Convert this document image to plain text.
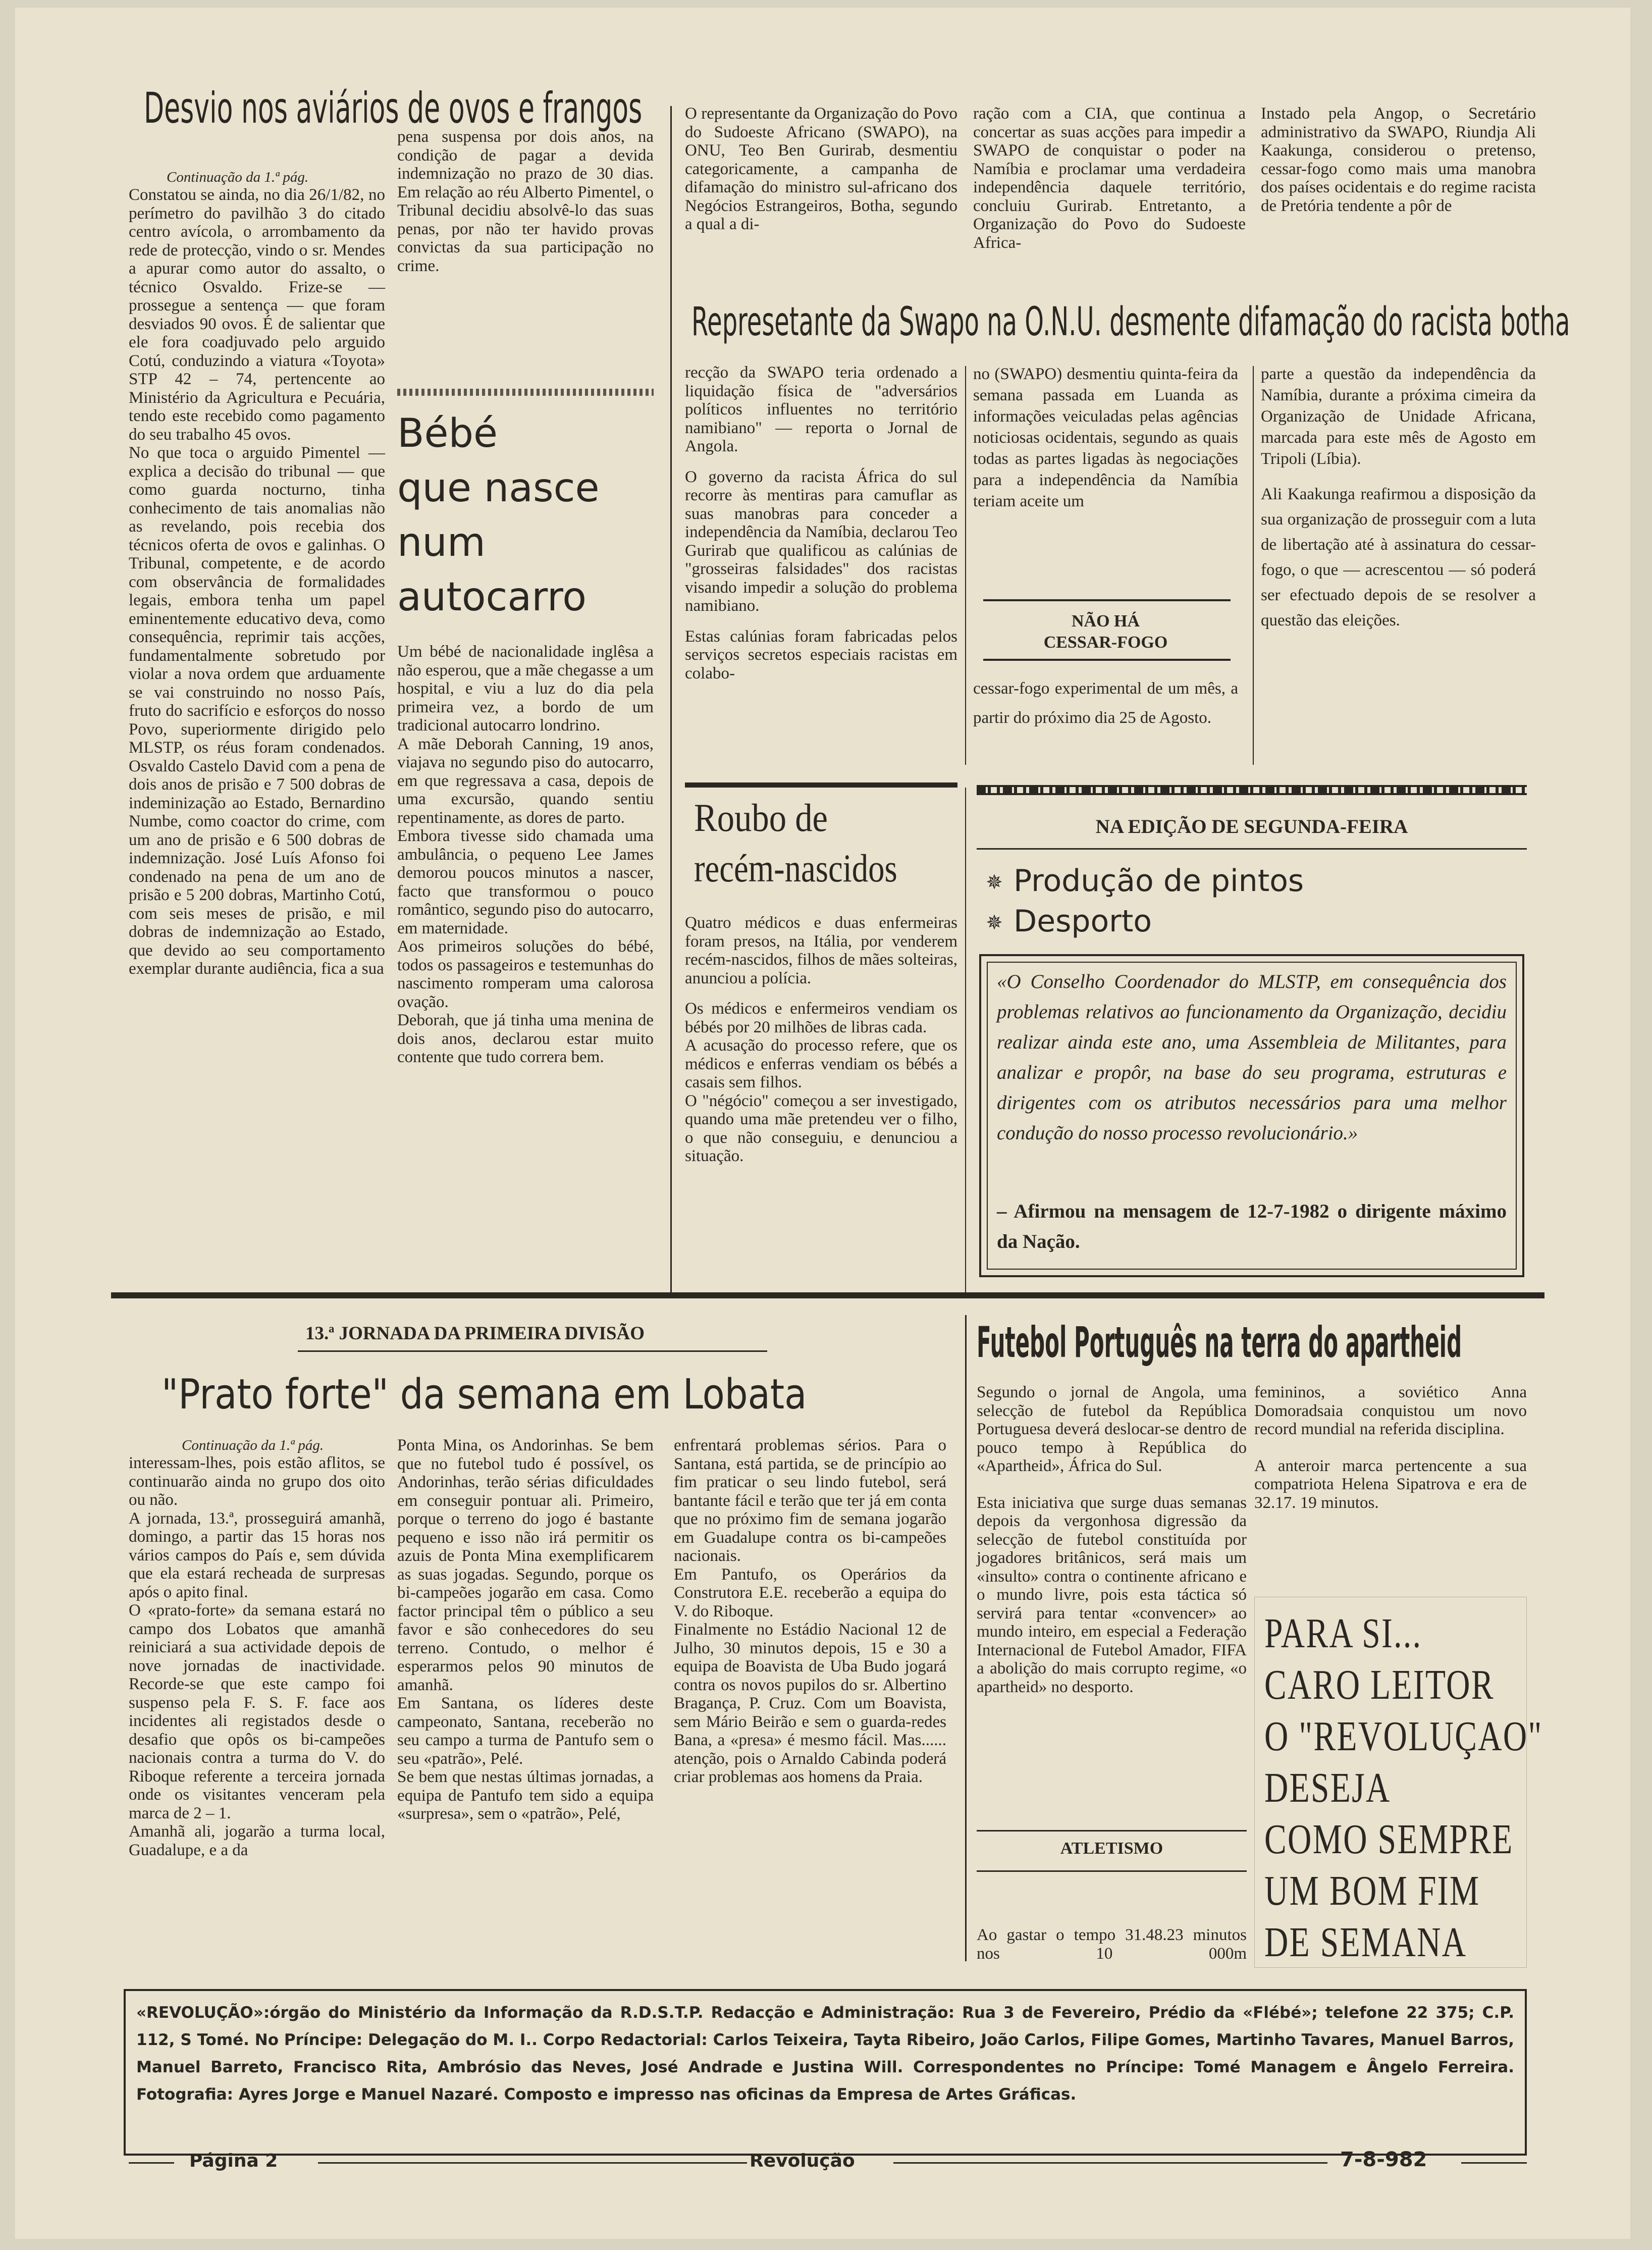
Desvio nos aviários de ovos e frangos
Continuação da 1.ª pág.

Constatou se ainda, no dia 26/1/82, no perímetro do pavilhão 3 do citado centro avícola, o arrombamento da rede de protecção, vindo o sr. Mendes a apurar como autor do assalto, o técnico Osvaldo. Frize-se — prossegue a sentença — que foram desviados 90 ovos. É de salientar que ele fora coadjuvado pelo arguido Cotú, conduzindo a viatura «Toyota» STP 42 – 74, pertencente ao Ministério da Agricultura e Pecuária, tendo este recebido como pagamento do seu trabalho 45 ovos.

No que toca o arguido Pimentel — explica a decisão do tribunal — que como guarda nocturno, tinha conhecimento de tais anomalias não as revelando, pois recebia dos técnicos oferta de ovos e galinhas. O Tribunal, competente, e de acordo com observância de formalidades legais, embora tenha um papel eminentemente educativo deva, como consequência, reprimir tais acções, fundamentalmente sobretudo por violar a nova ordem que arduamente se vai construindo no nosso País, fruto do sacrifício e esforços do nosso Povo, superiormente dirigido pelo MLSTP, os réus foram condenados. Osvaldo Castelo David com a pena de dois anos de prisão e 7 500 dobras de indeminização ao Estado, Bernardino Numbe, como coactor do crime, com um ano de prisão e 6 500 dobras de indemnização. José Luís Afonso foi condenado na pena de um ano de prisão e 5 200 dobras, Martinho Cotú, com seis meses de prisão, e mil dobras de indemnização ao Estado, que devido ao seu comportamento exemplar durante audiência, fica a sua

pena suspensa por dois anos, na condição de pagar a devida indemnização no prazo de 30 dias. Em relação ao réu Alberto Pimentel, o Tribunal decidiu absolvê-lo das suas penas, por não ter havido provas convictas da sua participação no crime.
Bébé
que nasce
num
autocarro

Um bébé de nacionalidade inglêsa a não esperou, que a mãe chegasse a um hospital, e viu a luz do dia pela primeira vez, a bordo de um tradicional autocarro londrino.

A mãe Deborah Canning, 19 anos, viajava no segundo piso do autocarro, em que regressava a casa, depois de uma excursão, quando sentiu repentinamente, as dores de parto.

Embora tivesse sido chamada uma ambulância, o pequeno Lee James demorou poucos minutos a nascer, facto que transformou o pouco romântico, segundo piso do autocarro, em maternidade.

Aos primeiros soluções do bébé, todos os passageiros e testemunhas do nascimento romperam uma calorosa ovação.

Deborah, que já tinha uma menina de dois anos, declarou estar muito contente que tudo correra bem.

O representante da Organização do Povo do Sudoeste Africano (SWAPO), na ONU, Teo Ben Gurirab, desmentiu categoricamente, a campanha de difamação do ministro sul-africano dos Negócios Estrangeiros, Botha, segundo a qual a di-
ração com a CIA, que continua a concertar as suas acções para impedir a SWAPO de conquistar o poder na Namíbia e proclamar uma verdadeira independência daquele território, concluiu Gurirab. Entretanto, a Organização do Povo do Sudoeste Africa-
Instado pela Angop, o Secretário administrativo da SWAPO, Riundja Ali Kaakunga, considerou o pretenso, cessar-fogo como mais uma manobra dos países ocidentais e do regime racista de Pretória tendente a pôr de
Represetante da Swapo na O.N.U. desmente difamação do racista botha

recção da SWAPO teria ordenado a liquidação física de "adversários políticos influentes no território namibiano" — reporta o Jornal de Angola.

O governo da racista África do sul recorre às mentiras para camuflar as suas manobras para conceder a independência da Namíbia, declarou Teo Gurirab que qualificou as calúnias de "grosseiras falsidades" dos racistas visando impedir a solução do problema namibiano.

Estas calúnias foram fabricadas pelos serviços secretos especiais racistas em colabo-

no (SWAPO) desmentiu quinta-feira da semana passada em Luanda as informações veiculadas pelas agências noticiosas ocidentais, segundo as quais todas as partes ligadas às negociações para a independência da Namíbia teriam aceite um
NÃO HÁ
CESSAR-FOGO
cessar-fogo experimental de um mês, a partir do próximo dia 25 de Agosto.

parte a questão da independência da Namíbia, durante a próxima cimeira da Organização de Unidade Africana, marcada para este mês de Agosto em Tripoli (Líbia).

Ali Kaakunga reafirmou a disposição da sua organização de prosseguir com a luta de libertação até à assinatura do cessar-fogo, o que — acrescentou — só poderá ser efectuado depois de se resolver a questão das eleições.

Roubo de
recém-nascidos

Quatro médicos e duas enfermeiras foram presos, na Itália, por venderem recém-nascidos, filhos de mães solteiras, anunciou a polícia.

Os médicos e enfermeiros vendiam os bébés por 20 milhões de libras cada.

A acusação do processo refere, que os médicos e enferras vendiam os bébés a casais sem filhos.

O "négócio" começou a ser investigado, quando uma mãe pretendeu ver o filho, o que não conseguiu, e denunciou a situação.

NA EDIÇÃO DE SEGUNDA-FEIRA
✵ Produção de pintos
✵ Desporto
«O Conselho Coordenador do MLSTP, em consequência dos problemas relativos ao funcionamento da Organização, decidiu realizar ainda este ano, uma Assembleia de Militantes, para analizar e propôr, na base do seu programa, estruturas e dirigentes com os atributos necessários para uma melhor condução do nosso processo revolucionário.»
– Afirmou na mensagem de 12-7-1982 o dirigente máximo da Nação.
13.ª JORNADA DA PRIMEIRA DIVISÃO
"Prato forte" da semana em Lobata
Continuação da 1.ª pág.

interessam-lhes, pois estão aflitos, se continuarão ainda no grupo dos oito ou não.

A jornada, 13.ª, prosseguirá amanhã, domingo, a partir das 15 horas nos vários campos do País e, sem dúvida que ela estará recheada de surpresas após o apito final.

O «prato-forte» da semana estará no campo dos Lobatos que amanhã reiniciará a sua actividade depois de nove jornadas de inactividade. Recorde-se que este campo foi suspenso pela F. S. F. face aos incidentes ali registados desde o desafio que opôs os bi-campeões nacionais contra a turma do V. do Riboque referente a terceira jornada onde os visitantes venceram pela marca de 2 – 1.

Amanhã ali, jogarão a turma local, Guadalupe, e a da

Ponta Mina, os Andorinhas. Se bem que no futebol tudo é possível, os Andorinhas, terão sérias dificuldades em conseguir pontuar ali. Primeiro, porque o terreno do jogo é bastante pequeno e isso não irá permitir os azuis de Ponta Mina exemplificarem as suas jogadas. Segundo, porque os bi-campeões jogarão em casa. Como factor principal têm o público a seu favor e são conhecedores do seu terreno. Contudo, o melhor é esperarmos pelos 90 minutos de amanhã.

Em Santana, os líderes deste campeonato, Santana, receberão no seu campo a turma de Pantufo sem o seu «patrão», Pelé.

Se bem que nestas últimas jornadas, a equipa de Pantufo tem sido a equipa «surpresa», sem o «patrão», Pelé,

enfrentará problemas sérios. Para o Santana, está partida, se de princípio ao fim praticar o seu lindo futebol, será bantante fácil e terão que ter já em conta que no próximo fim de semana jogarão em Guadalupe contra os bi-campeões nacionais.

Em Pantufo, os Operários da Construtora E.E. receberão a equipa do V. do Riboque.

Finalmente no Estádio Nacional 12 de Julho, 30 minutos depois, 15 e 30 a equipa de Boavista de Uba Budo jogará contra os novos pupilos do sr. Albertino Bragança, P. Cruz. Com um Boavista, sem Mário Beirão e sem o guarda-redes Bana, a «presa» é mesmo fácil. Mas...... atenção, pois o Arnaldo Cabinda poderá criar problemas aos homens da Praia.

Futebol Português na terra do apartheid

Segundo o jornal de Angola, uma selecção de futebol da República Portuguesa deverá deslocar-se dentro de pouco tempo à República do «Apartheid», África do Sul.

Esta iniciativa que surge duas semanas depois da vergonhosa digressão da selecção de futebol constituída por jogadores britânicos, será mais um «insulto» contra o continente africano e o mundo livre, pois esta táctica só servirá para tentar «convencer» ao mundo inteiro, em especial a Federação Internacional de Futebol Amador, FIFA a abolição do mais corrupto regime, «o apartheid» no desporto.

ATLETISMO
Ao gastar o tempo 31.48.23 minutos nos 10 000m

femininos, a soviético Anna Domoradsaia conquistou um novo record mundial na referida disciplina.

A anteroir marca pertencente a sua compatriota Helena Sipatrova e era de 32.17. 19 minutos.

PARA SI...
CARO LEITOR
O "REVOLUÇAO"
DESEJA
COMO SEMPRE
UM BOM FIM
DE SEMANA
«REVOLUÇÃO»:órgão do Ministério da Informação da R.D.S.T.P. Redacção e Administração: Rua 3 de Fevereiro, Prédio da «Flébé»; telefone 22 375; C.P. 112, S Tomé. No Príncipe: Delegação do M. I.. Corpo Redactorial: Carlos Teixeira, Tayta Ribeiro, João Carlos, Filipe Gomes, Martinho Tavares, Manuel Barros, Manuel Barreto, Francisco Rita, Ambrósio das Neves, José Andrade e Justina Will. Correspondentes no Príncipe: Tomé Managem e Ângelo Ferreira. Fotografia: Ayres Jorge e Manuel Nazaré. Composto e impresso nas oficinas da Empresa de Artes Gráficas.
Página 2	Revolução	7-8-982
